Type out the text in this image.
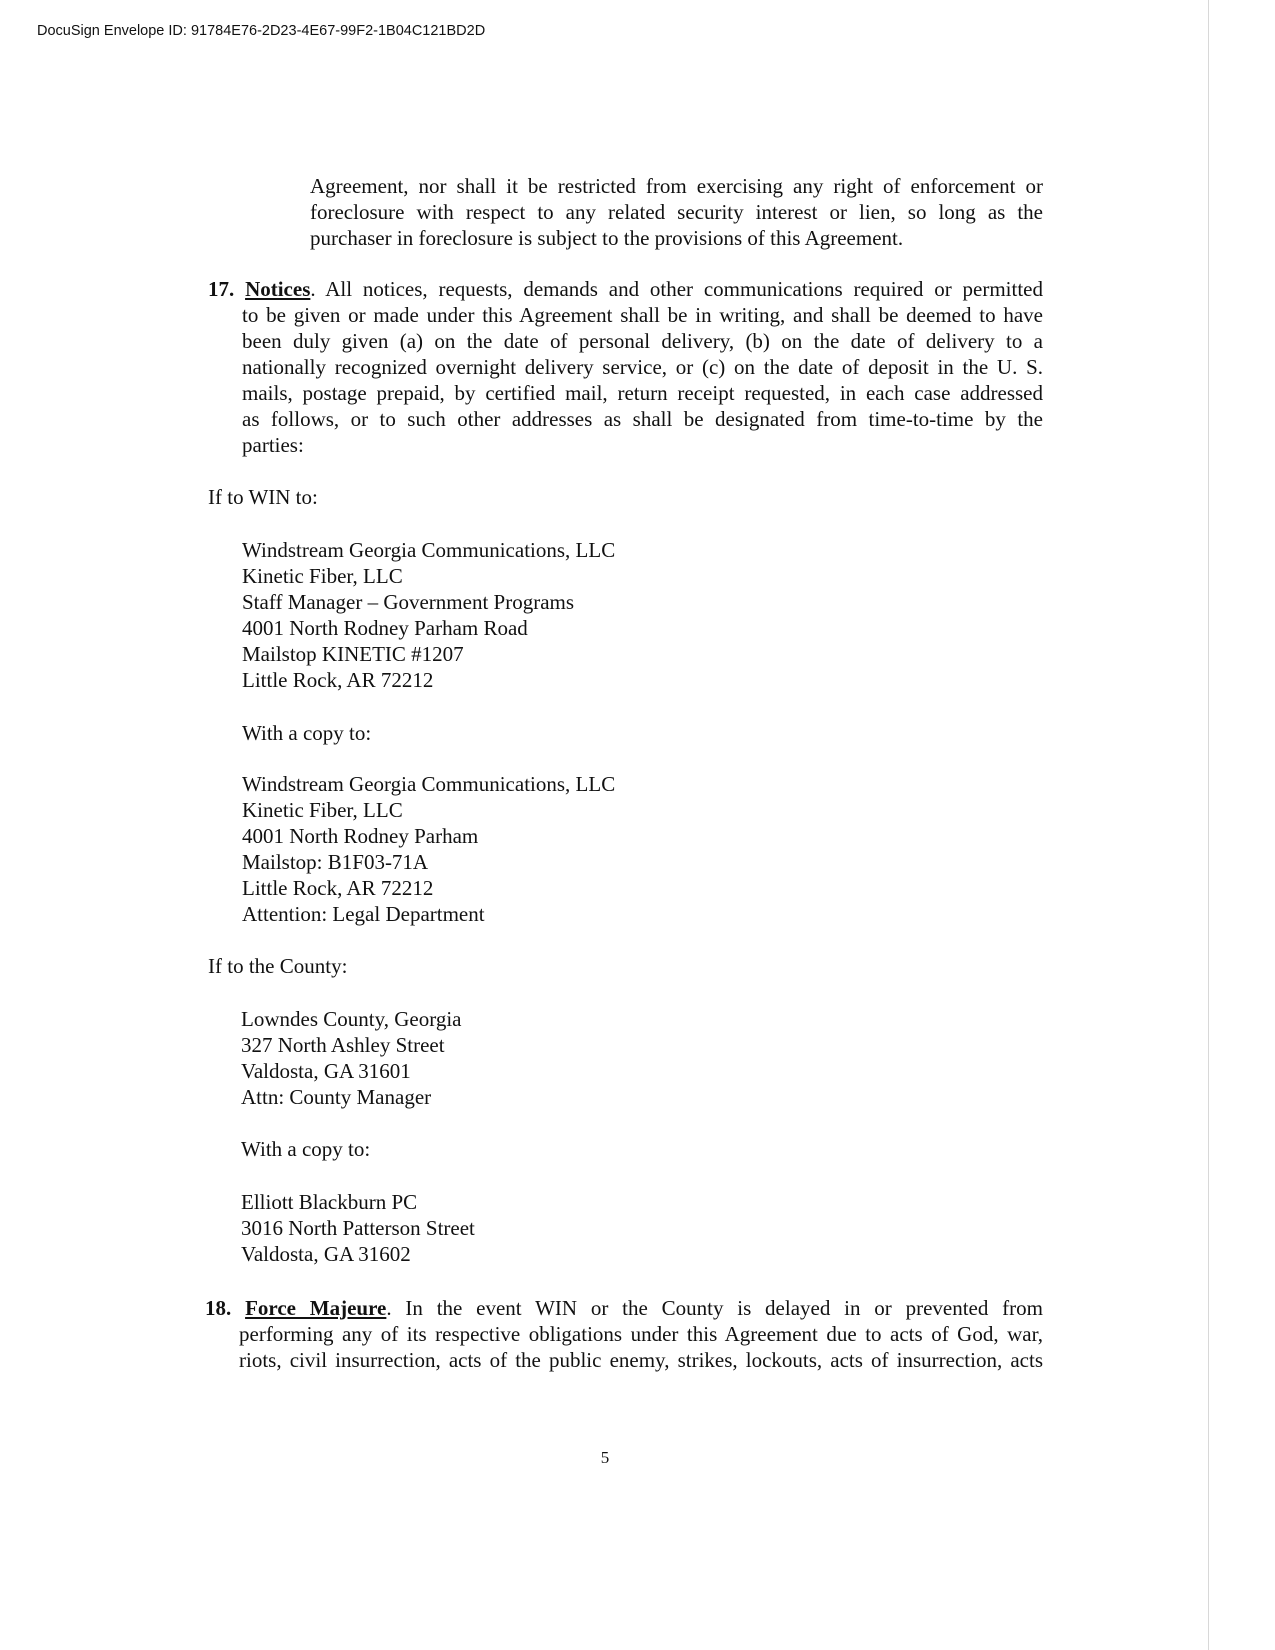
DocuSign Envelope ID: 91784E76-2D23-4E67-99F2-1B04C121BD2D
Agreement, nor shall it be restricted from exercising any right of enforcement or
foreclosure with respect to any related security interest or lien, so long as the
purchaser in foreclosure is subject to the provisions of this Agreement.
17. Notices. All notices, requests, demands and other communications required or permitted
to be given or made under this Agreement shall be in writing, and shall be deemed to have
been duly given (a) on the date of personal delivery, (b) on the date of delivery to a
nationally recognized overnight delivery service, or (c) on the date of deposit in the U. S.
mails, postage prepaid, by certified mail, return receipt requested, in each case addressed
as follows, or to such other addresses as shall be designated from time-to-time by the
parties:
If to WIN to:
Windstream Georgia Communications, LLC
Kinetic Fiber, LLC
Staff Manager – Government Programs
4001 North Rodney Parham Road
Mailstop KINETIC #1207
Little Rock, AR 72212
With a copy to:
Windstream Georgia Communications, LLC
Kinetic Fiber, LLC
4001 North Rodney Parham
Mailstop: B1F03-71A
Little Rock, AR 72212
Attention: Legal Department
If to the County:
Lowndes County, Georgia
327 North Ashley Street
Valdosta, GA 31601
Attn: County Manager
With a copy to:
Elliott Blackburn PC
3016 North Patterson Street
Valdosta, GA 31602
18. Force Majeure. In the event WIN or the County is delayed in or prevented from
performing any of its respective obligations under this Agreement due to acts of God, war,
riots, civil insurrection, acts of the public enemy, strikes, lockouts, acts of insurrection, acts
5
